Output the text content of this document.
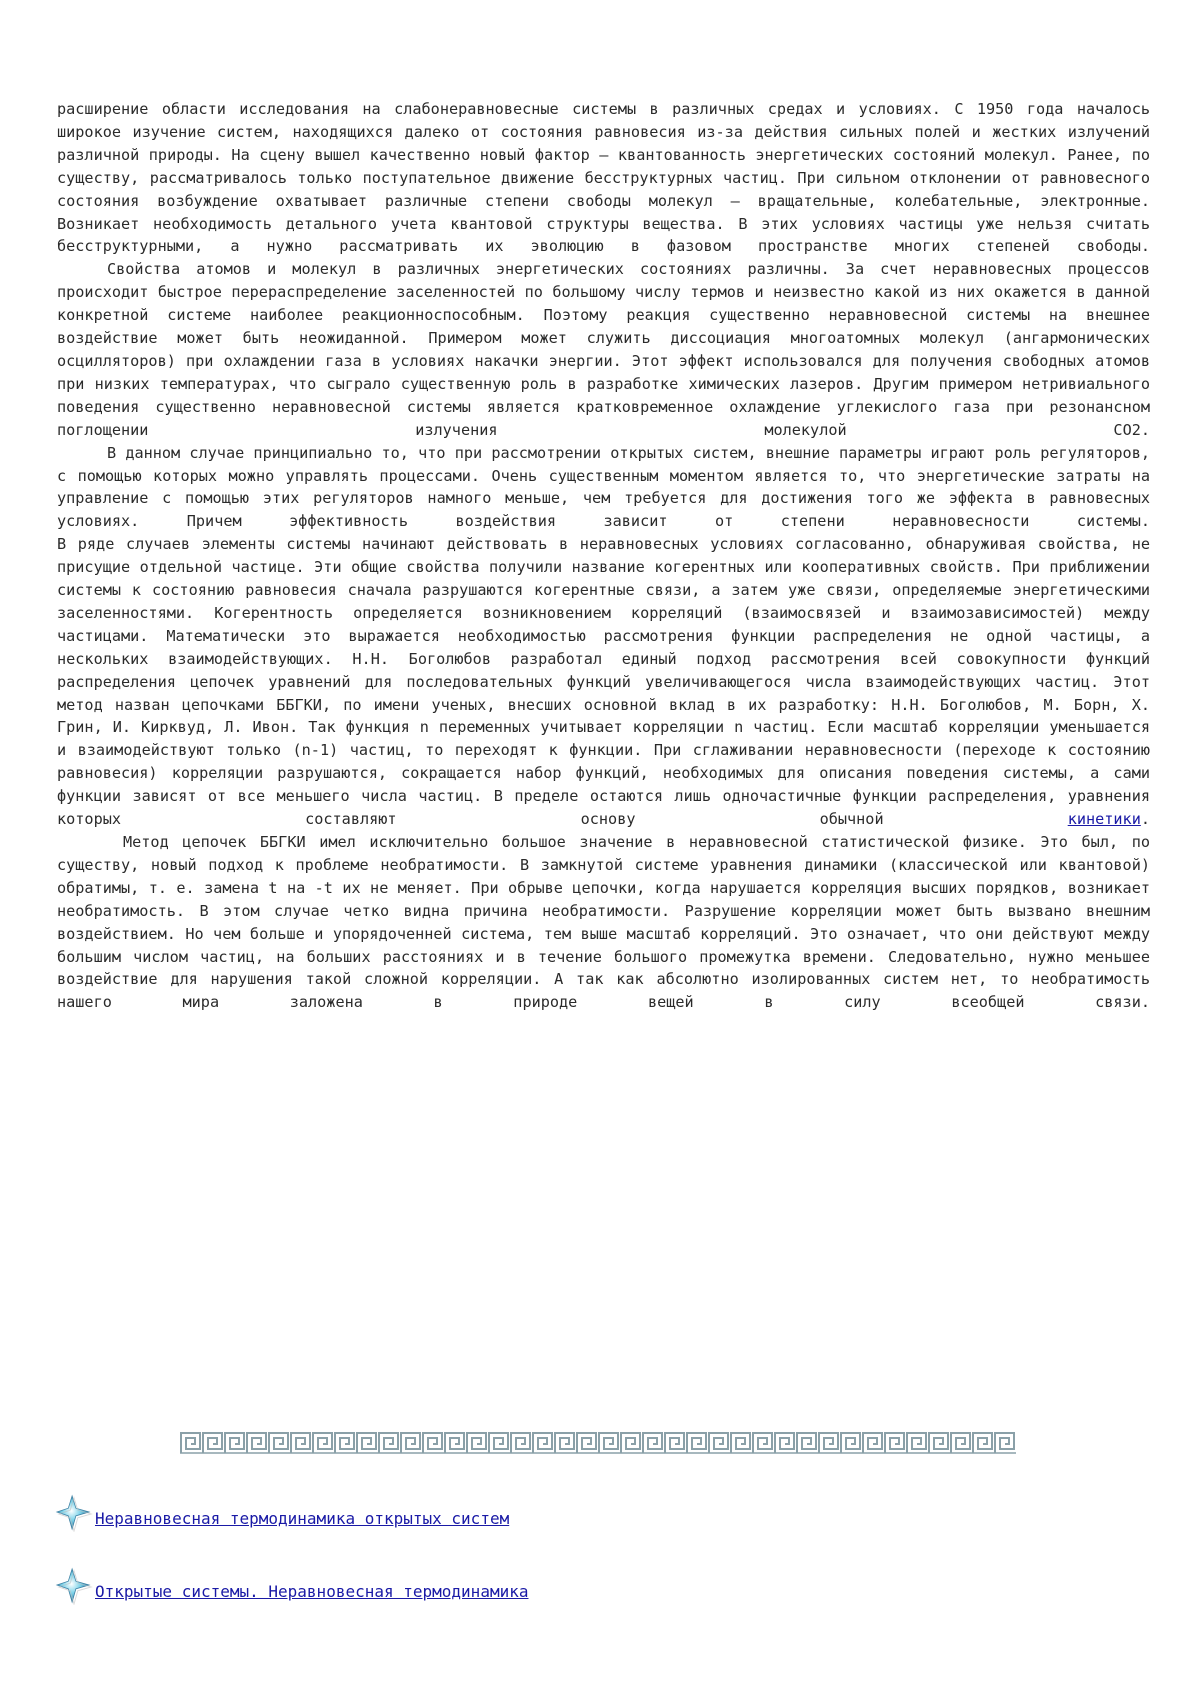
расширение области исследования на слабонеравновесные системы в различных средах и условиях. С 1950 года началось широкое изучение систем, находящихся далеко от состояния равновесия из-за действия сильных полей и жестких излучений различной природы. На сцену вышел качественно новый фактор — квантованность энергетических состояний молекул. Ранее, по существу, рассматривалось только поступательное движение бесструктурных частиц. При сильном отклонении от равновесного состояния возбуждение охватывает различные степени свободы молекул — вращательные, колебательные, электронные. Возникает необходимость детального учета квантовой структуры вещества. В этих условиях частицы уже нельзя считать бесструктурными, а нужно рассматривать их эволюцию в фазовом пространстве многих степеней свободы.

Свойства атомов и молекул в различных энергетических состояниях различны. За счет неравновесных процессов происходит быстрое перераспределение заселенностей по большому числу термов и неизвестно какой из них окажется в данной конкретной системе наиболее реакционноспособным. Поэтому реакция существенно неравновесной системы на внешнее воздействие может быть неожиданной. Примером может служить диссоциация многоатомных молекул (ангармонических осцилляторов) при охлаждении газа в условиях накачки энергии. Этот эффект использовался для получения свободных атомов при низких температурах, что сыграло существенную роль в разработке химических лазеров. Другим примером нетривиального поведения существенно неравновесной системы является кратковременное охлаждение углекислого газа при резонансном поглощении излучения молекулой СО2.

В данном случае принципиально то, что при рассмотрении открытых систем, внешние параметры играют роль регуляторов, с помощью которых можно управлять процессами. Очень существенным моментом является то, что энергетические затраты на управление с помощью этих регуляторов намного меньше, чем требуется для достижения того же эффекта в равновесных условиях. Причем эффективность воздействия зависит от степени неравновесности системы.

В ряде случаев элементы системы начинают действовать в неравновесных условиях согласованно, обнаруживая свойства, не присущие отдельной частице. Эти общие свойства получили название когерентных или кооперативных свойств. При приближении системы к состоянию равновесия сначала разрушаются когерентные связи, а затем уже связи, определяемые энергетическими заселенностями. Когерентность определяется возникновением корреляций (взаимосвязей и взаимозависимостей) между частицами. Математически это выражается необходимостью рассмотрения функции распределения не одной частицы, а нескольких взаимодействующих. Н.Н. Боголюбов разработал единый подход рассмотрения всей совокупности функций распределения цепочек уравнений для последовательных функций увеличивающегося числа взаимодействующих частиц. Этот метод назван цепочками ББГКИ, по имени ученых, внесших основной вклад в их разработку: Н.Н. Боголюбов, М. Борн, Х. Грин, И. Кирквуд, Л. Ивон. Так функция n переменных учитывает корреляции n частиц. Если масштаб корреляции уменьшается и взаимодействуют только (n-1) частиц, то переходят к функции. При сглаживании неравновесности (переходе к состоянию равновесия) корреляции разрушаются, сокращается набор функций, необходимых для описания поведения системы, а сами функции зависят от все меньшего числа частиц. В пределе остаются лишь одночастичные функции распределения, уравнения которых составляют основу обычной кинетики.

Метод цепочек ББГКИ имел исключительно большое значение в неравновесной статистической физике. Это был, по существу, новый подход к проблеме необратимости. В замкнутой системе уравнения динамики (классической или квантовой) обратимы, т. е. замена t на -t их не меняет. При обрыве цепочки, когда нарушается корреляция высших порядков, возникает необратимость. В этом случае четко видна причина необратимости. Разрушение корреляции может быть вызвано внешним воздействием. Но чем больше и упорядоченней система, тем выше масштаб корреляций. Это означает, что они действуют между большим числом частиц, на больших расстояниях и в течение большого промежутка времени. Следовательно, нужно меньшее воздействие для нарушения такой сложной корреляции. А так как абсолютно изолированных систем нет, то необратимость нашего мира заложена в природе вещей в силу всеобщей связи.

Неравновесная термодинамика открытых систем
Открытые системы. Неравновесная термодинамика
